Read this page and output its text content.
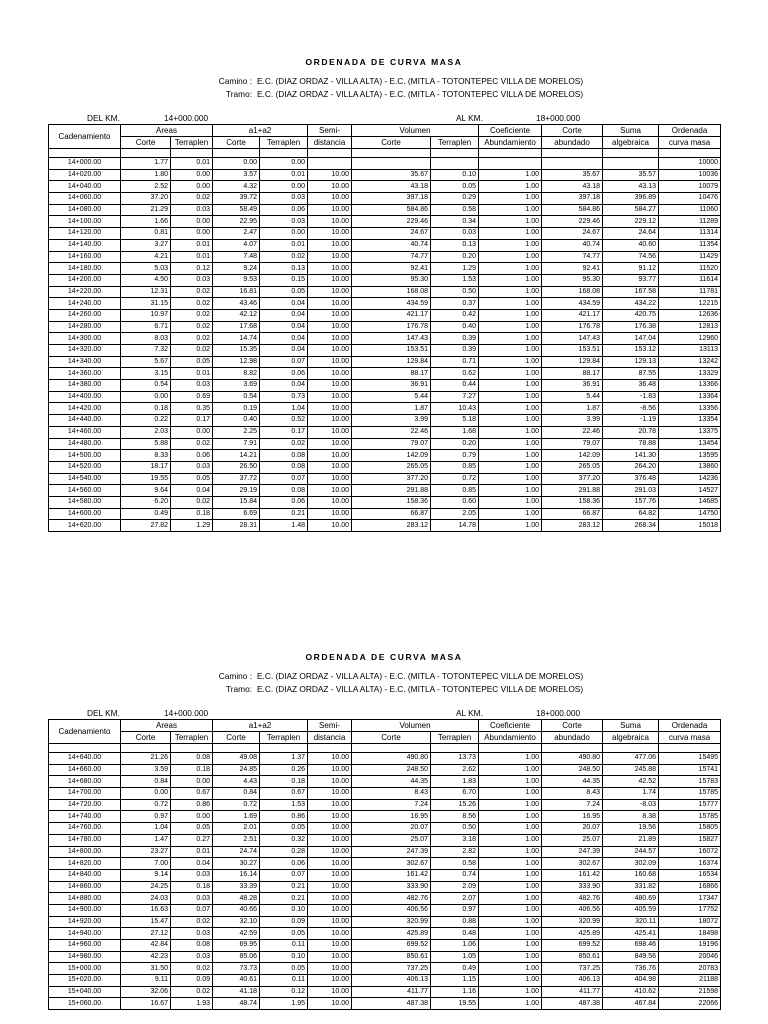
ORDENADA DE CURVA MASA
Camino : E.C. (DIAZ ORDAZ - VILLA ALTA) - E.C. (MITLA - TOTONTEPEC VILLA DE MORELOS)
Tramo: E.C. (DIAZ ORDAZ - VILLA ALTA) - E.C. (MITLA - TOTONTEPEC VILLA DE MORELOS)
DEL KM.	14+000.000	AL KM.	18+000.000
Cadenamiento	Areas		a1+a2		Semi-	Volumen		Coeficiente	Corte	Suma	Ordenada
	Corte	Terraplen	Corte	Terraplen	distancia	Corte	Terraplen	Abundamiento	abundado	algebraica	curva masa

14+000.00	1.77	0.01	0.00	0.00							10000
14+020.00	1.80	0.00	3.57	0.01	10.00	35.67	0.10	1.00	35.67	35.57	10036
14+040.00	2.52	0.00	4.32	0.00	10.00	43.18	0.05	1.00	43.18	43.13	10079
14+060.00	37.20	0.02	39.72	0.03	10.00	397.18	0.29	1.00	397.18	396.89	10476
14+080.00	21.29	0.03	58.49	0.06	10.00	584.86	0.58	1.00	584.86	584.27	11060
14+100.00	1.66	0.00	22.95	0.03	10.00	229.46	0.34	1.00	229.46	229.12	11289
14+120.00	0.81	0.00	2.47	0.00	10.00	24.67	0.03	1.00	24.67	24.64	11314
14+140.00	3.27	0.01	4.07	0.01	10.00	40.74	0.13	1.00	40.74	40.60	11354
14+160.00	4.21	0.01	7.48	0.02	10.00	74.77	0.20	1.00	74.77	74.56	11429
14+180.00	5.03	0.12	9.24	0.13	10.00	92.41	1.29	1.00	92.41	91.12	11520
14+200.00	4.50	0.03	9.53	0.15	10.00	95.30	1.53	1.00	95.30	93.77	11614
14+220.00	12.31	0.02	16.81	0.05	10.00	168.08	0.50	1.00	168.08	167.58	11781
14+240.00	31.15	0.02	43.46	0.04	10.00	434.59	0.37	1.00	434.59	434.22	12215
14+260.00	10.97	0.02	42.12	0.04	10.00	421.17	0.42	1.00	421.17	420.75	12636
14+280.00	6.71	0.02	17.68	0.04	10.00	176.78	0.40	1.00	176.78	176.38	12813
14+300.00	8.03	0.02	14.74	0.04	10.00	147.43	0.39	1.00	147.43	147.04	12960
14+320.00	7.32	0.02	15.35	0.04	10.00	153.51	0.39	1.00	153.51	153.12	13113
14+340.00	5.67	0.05	12.98	0.07	10.00	129.84	0.71	1.00	129.84	129.13	13242
14+360.00	3.15	0.01	8.82	0.06	10.00	88.17	0.62	1.00	88.17	87.55	13329
14+380.00	0.54	0.03	3.69	0.04	10.00	36.91	0.44	1.00	36.91	36.48	13366
14+400.00	0.00	0.69	0.54	0.73	10.00	5.44	7.27	1.00	5.44	-1.83	13364
14+420.00	0.18	0.35	0.19	1.04	10.00	1.87	10.43	1.00	1.87	-8.56	13356
14+440.00	0.22	0.17	0.40	0.52	10.00	3.99	5.18	1.00	3.99	-1.19	13354
14+460.00	2.03	0.00	2.25	0.17	10.00	22.46	1.68	1.00	22.46	20.78	13375
14+480.00	5.88	0.02	7.91	0.02	10.00	79.07	0.20	1.00	79.07	78.88	13454
14+500.00	8.33	0.06	14.21	0.08	10.00	142.09	0.79	1.00	142.09	141.30	13595
14+520.00	18.17	0.03	26.50	0.08	10.00	265.05	0.85	1.00	265.05	264.20	13860
14+540.00	19.55	0.05	37.72	0.07	10.00	377.20	0.72	1.00	377.20	376.48	14236
14+560.00	9.64	0.04	29.19	0.08	10.00	291.88	0.85	1.00	291.88	291.03	14527
14+580.00	6.20	0.02	15.84	0.06	10.00	158.36	0.60	1.00	158.36	157.76	14685
14+600.00	0.49	0.18	6.69	0.21	10.00	66.87	2.05	1.00	66.87	64.82	14750
14+620.00	27.82	1.29	28.31	1.48	10.00	283.12	14.78	1.00	283.12	268.34	15018
ORDENADA DE CURVA MASA
Camino : E.C. (DIAZ ORDAZ - VILLA ALTA) - E.C. (MITLA - TOTONTEPEC VILLA DE MORELOS)
Tramo: E.C. (DIAZ ORDAZ - VILLA ALTA) - E.C. (MITLA - TOTONTEPEC VILLA DE MORELOS)
DEL KM.	14+000.000	AL KM.	18+000.000
Cadenamiento	Areas		a1+a2		Semi-	Volumen		Coeficiente	Corte	Suma	Ordenada
	Corte	Terraplen	Corte	Terraplen	distancia	Corte	Terraplen	Abundamiento	abundado	algebraica	curva masa

14+640.00	21.26	0.08	49.08	1.37	10.00	490.80	13.73	1.00	490.80	477.06	15495
14+660.00	3.59	0.18	24.85	0.26	10.00	248.50	2.62	1.00	248.50	245.88	15741
14+680.00	0.84	0.00	4.43	0.18	10.00	44.35	1.83	1.00	44.35	42.52	15783
14+700.00	0.00	0.67	0.84	0.67	10.00	8.43	6.70	1.00	8.43	1.74	15785
14+720.00	0.72	0.86	0.72	1.53	10.00	7.24	15.26	1.00	7.24	-8.03	15777
14+740.00	0.97	0.00	1.69	0.86	10.00	16.95	8.56	1.00	16.95	8.38	15785
14+760.00	1.04	0.05	2.01	0.05	10.00	20.07	0.50	1.00	20.07	19.56	15805
14+780.00	1.47	0.27	2.51	0.32	10.00	25.07	3.18	1.00	25.07	21.89	15827
14+800.00	23.27	0.01	24.74	0.28	10.00	247.39	2.82	1.00	247.39	244.57	16072
14+820.00	7.00	0.04	30.27	0.06	10.00	302.67	0.58	1.00	302.67	302.09	16374
14+840.00	9.14	0.03	16.14	0.07	10.00	161.42	0.74	1.00	161.42	160.68	16534
14+860.00	24.25	0.18	33.39	0.21	10.00	333.90	2.09	1.00	333.90	331.82	16866
14+880.00	24.03	0.03	48.28	0.21	10.00	482.76	2.07	1.00	482.76	480.69	17347
14+900.00	16.63	0.07	40.66	0.10	10.00	406.56	0.97	1.00	406.56	405.59	17752
14+920.00	15.47	0.02	32.10	0.09	10.00	320.99	0.88	1.00	320.99	320.11	18072
14+940.00	27.12	0.03	42.59	0.05	10.00	425.89	0.48	1.00	425.89	425.41	18498
14+960.00	42.84	0.08	69.95	0.11	10.00	699.52	1.06	1.00	699.52	698.46	19196
14+980.00	42.23	0.03	85.06	0.10	10.00	850.61	1.05	1.00	850.61	849.56	20046
15+000.00	31.50	0.02	73.73	0.05	10.00	737.25	0.49	1.00	737.25	736.76	20783
15+020.00	9.11	0.09	40.61	0.11	10.00	406.13	1.15	1.00	406.13	404.98	21188
15+040.00	32.06	0.02	41.18	0.12	10.00	411.77	1.16	1.00	411.77	410.62	21598
15+060.00	16.67	1.93	48.74	1.95	10.00	487.38	19.55	1.00	487.38	467.84	22066
